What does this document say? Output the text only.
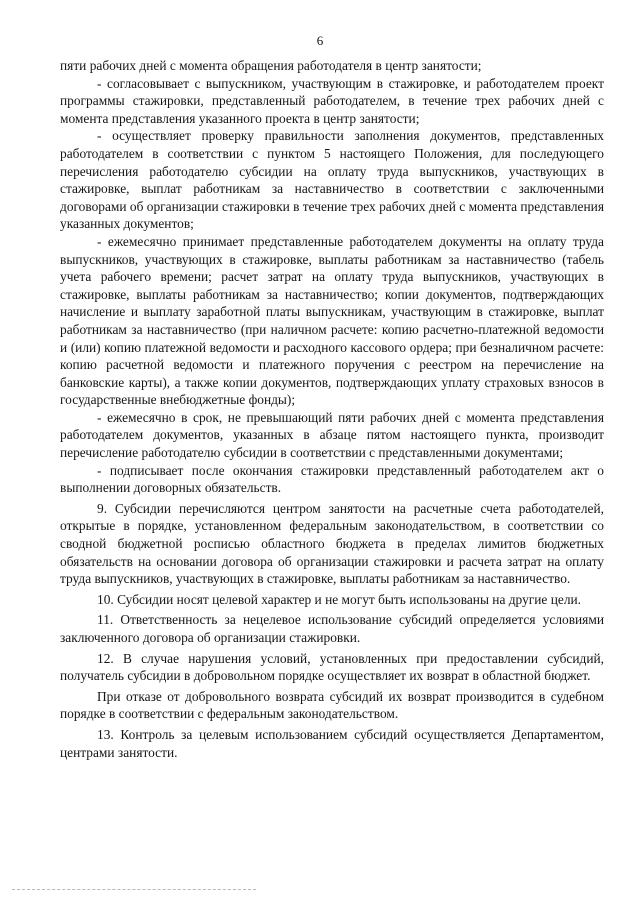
6

пяти рабочих дней с момента обращения работодателя в центр занятости;

- согласовывает с выпускником, участвующим в стажировке, и работодателем проект программы стажировки, представленный работодателем, в течение трех рабочих дней с момента представления указанного проекта в центр занятости;

- осуществляет проверку правильности заполнения документов, представленных работодателем в соответствии с пунктом 5 настоящего Положения, для последующего перечисления работодателю субсидии на оплату труда выпускников, участвующих в стажировке, выплат работникам за наставничество в соответствии с заключенными договорами об организации стажировки в течение трех рабочих дней с момента представления указанных документов;

- ежемесячно принимает представленные работодателем документы на оплату труда выпускников, участвующих в стажировке, выплаты работникам за наставничество (табель учета рабочего времени; расчет затрат на оплату труда выпускников, участвующих в стажировке, выплаты работникам за наставничество; копии документов, подтверждающих начисление и выплату заработной платы выпускникам, участвующим в стажировке, выплат работникам за наставничество (при наличном расчете: копию расчетно-платежной ведомости и (или) копию платежной ведомости и расходного кассового ордера; при безналичном расчете: копию расчетной ведомости и платежного поручения с реестром на перечисление на банковские карты), а также копии документов, подтверждающих уплату страховых взносов в государственные внебюджетные фонды);

- ежемесячно в срок, не превышающий пяти рабочих дней с момента представления работодателем документов, указанных в абзаце пятом настоящего пункта, производит перечисление работодателю субсидии в соответствии с представленными документами;

- подписывает после окончания стажировки представленный работодателем акт о выполнении договорных обязательств.

9. Субсидии перечисляются центром занятости на расчетные счета работодателей, открытые в порядке, установленном федеральным законодательством, в соответствии со сводной бюджетной росписью областного бюджета в пределах лимитов бюджетных обязательств на основании договора об организации стажировки и расчета затрат на оплату труда выпускников, участвующих в стажировке, выплаты работникам за наставничество.

10. Субсидии носят целевой характер и не могут быть использованы на другие цели.

11. Ответственность за нецелевое использование субсидий определяется условиями заключенного договора об организации стажировки.

12. В случае нарушения условий, установленных при предоставлении субсидий, получатель субсидии в добровольном порядке осуществляет их возврат в областной бюджет.

При отказе от добровольного возврата субсидий их возврат производится в судебном порядке в соответствии с федеральным законодательством.

13. Контроль за целевым использованием субсидий осуществляется Департаментом, центрами занятости.
